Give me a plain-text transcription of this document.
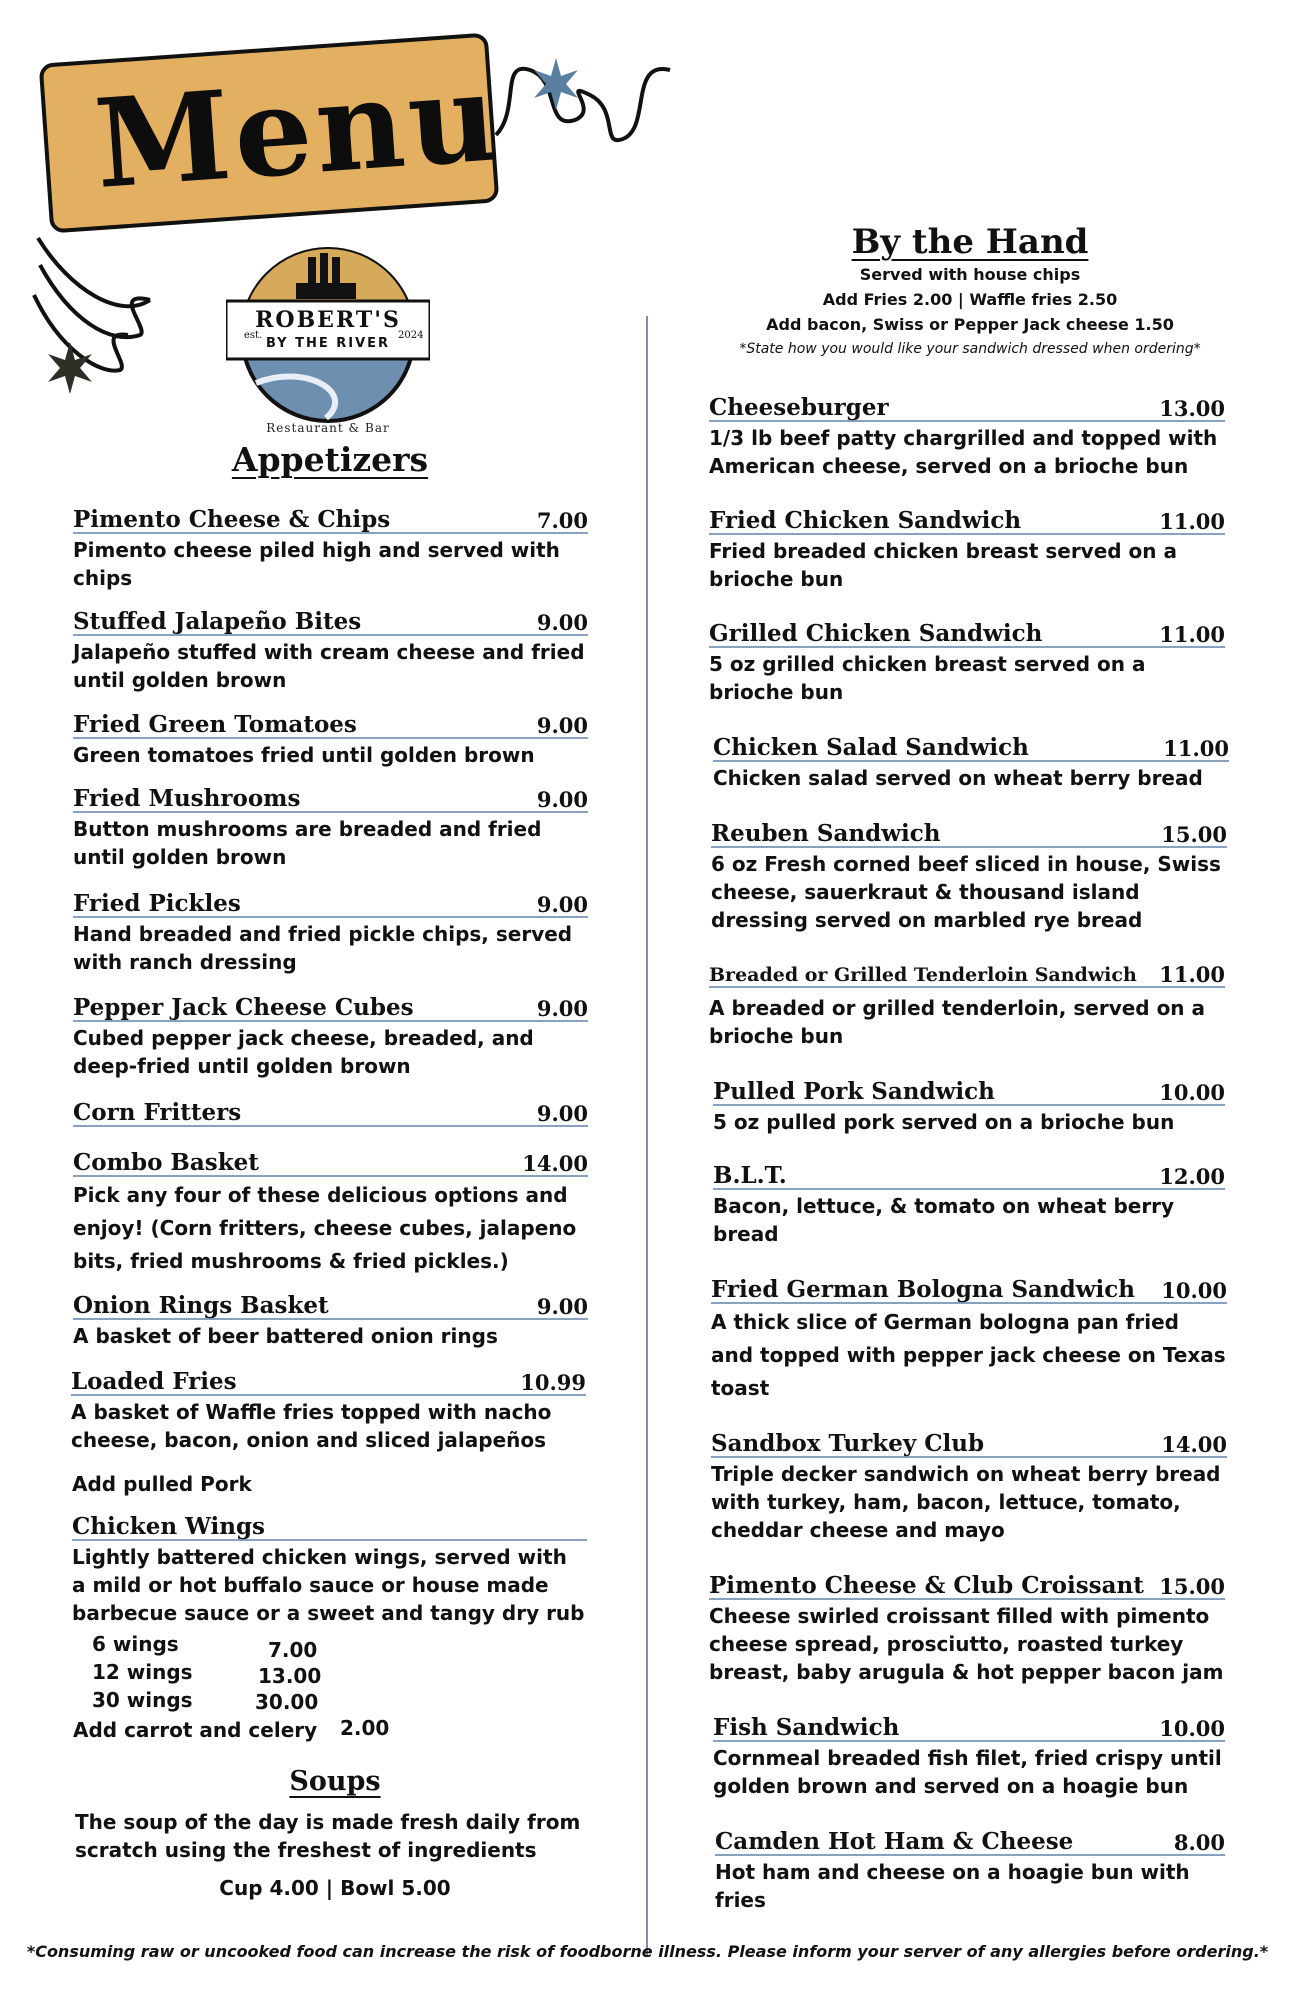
Menu
ROBERT'S
BY THE RIVER
est.	2024
Restaurant & Bar
Appetizers
Pimento Cheese & Chips	7.00
Pimento cheese piled high and served with chips
Stuffed Jalapeño Bites	9.00
Jalapeño stuffed with cream cheese and fried until golden brown
Fried Green Tomatoes	9.00
Green tomatoes fried until golden brown
Fried Mushrooms	9.00
Button mushrooms are breaded and fried until golden brown
Fried Pickles	9.00
Hand breaded and fried pickle chips, served with ranch dressing
Pepper Jack Cheese Cubes	9.00
Cubed pepper jack cheese, breaded, and deep-fried until golden brown
Corn Fritters	9.00
Combo Basket	14.00
Pick any four of these delicious options and enjoy! (Corn fritters, cheese cubes, jalapeno bits, fried mushrooms & fried pickles.)
Onion Rings Basket	9.00
A basket of beer battered onion rings
Loaded Fries	10.99
A basket of Waffle fries topped with nacho cheese, bacon, onion and sliced jalapeños
Add pulled Pork
Chicken Wings
Lightly battered chicken wings, served with a mild or hot buffalo sauce or house made barbecue sauce or a sweet and tangy dry rub
6 wings	7.00
12 wings	13.00
30 wings	30.00
Add carrot and celery 2.00
Soups
The soup of the day is made fresh daily from scratch using the freshest of ingredients
Cup 4.00 | Bowl 5.00
By the Hand
Served with house chips
Add Fries 2.00 | Waffle fries 2.50
Add bacon, Swiss or Pepper Jack cheese 1.50
*State how you would like your sandwich dressed when ordering*
Cheeseburger	13.00
1/3 lb beef patty chargrilled and topped with American cheese, served on a brioche bun
Fried Chicken Sandwich	11.00
Fried breaded chicken breast served on a brioche bun
Grilled Chicken Sandwich	11.00
5 oz grilled chicken breast served on a brioche bun
Chicken Salad Sandwich	11.00
Chicken salad served on wheat berry bread
Reuben Sandwich	15.00
6 oz Fresh corned beef sliced in house, Swiss cheese, sauerkraut & thousand island dressing served on marbled rye bread
Breaded or Grilled Tenderloin Sandwich 11.00
A breaded or grilled tenderloin, served on a brioche bun
Pulled Pork Sandwich	10.00
5 oz pulled pork served on a brioche bun
B.L.T.	12.00
Bacon, lettuce, & tomato on wheat berry bread
Fried German Bologna Sandwich 10.00
A thick slice of German bologna pan fried and topped with pepper jack cheese on Texas toast
Sandbox Turkey Club	14.00
Triple decker sandwich on wheat berry bread with turkey, ham, bacon, lettuce, tomato, cheddar cheese and mayo
Pimento Cheese & Club Croissant 15.00
Cheese swirled croissant filled with pimento cheese spread, prosciutto, roasted turkey breast, baby arugula & hot pepper bacon jam
Fish Sandwich	10.00
Cornmeal breaded fish filet, fried crispy until golden brown and served on a hoagie bun
Camden Hot Ham & Cheese	8.00
Hot ham and cheese on a hoagie bun with fries
*Consuming raw or uncooked food can increase the risk of foodborne illness. Please inform your server of any allergies before ordering.*
